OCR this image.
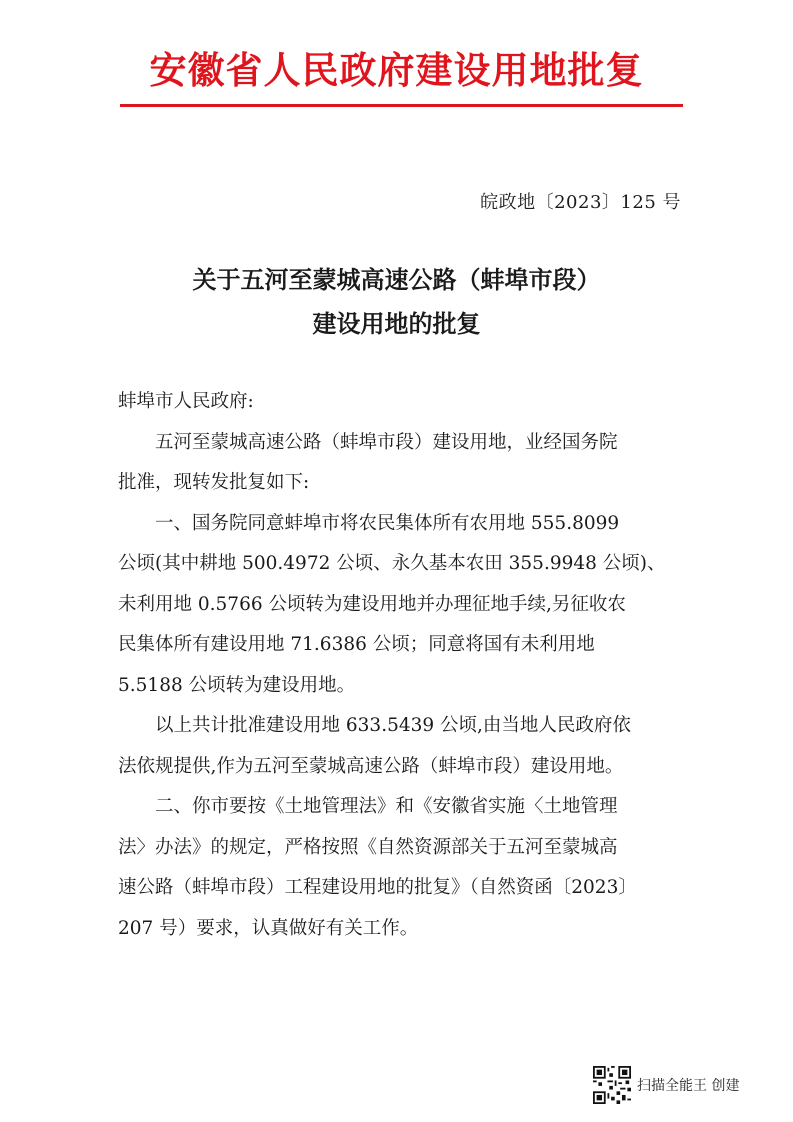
安徽省人民政府建设用地批复
皖政地〔2023〕125 号
关于五河至蒙城高速公路（蚌埠市段）
建设用地的批复

蚌埠市人民政府:

五河至蒙城高速公路（蚌埠市段）建设用地，业经国务院
批准，现转发批复如下:

一、国务院同意蚌埠市将农民集体所有农用地 555.8099
公顷(其中耕地 500.4972 公顷、永久基本农田 355.9948 公顷)、
未利用地 0.5766 公顷转为建设用地并办理征地手续,另征收农
民集体所有建设用地 71.6386 公顷；同意将国有未利用地
5.5188 公顷转为建设用地。

以上共计批准建设用地 633.5439 公顷,由当地人民政府依
法依规提供,作为五河至蒙城高速公路（蚌埠市段）建设用地。

二、你市要按《土地管理法》和《安徽省实施〈土地管理
法〉办法》的规定，严格按照《自然资源部关于五河至蒙城高
速公路（蚌埠市段）工程建设用地的批复》（自然资函〔2023〕
207 号）要求，认真做好有关工作。

扫描全能王 创建
